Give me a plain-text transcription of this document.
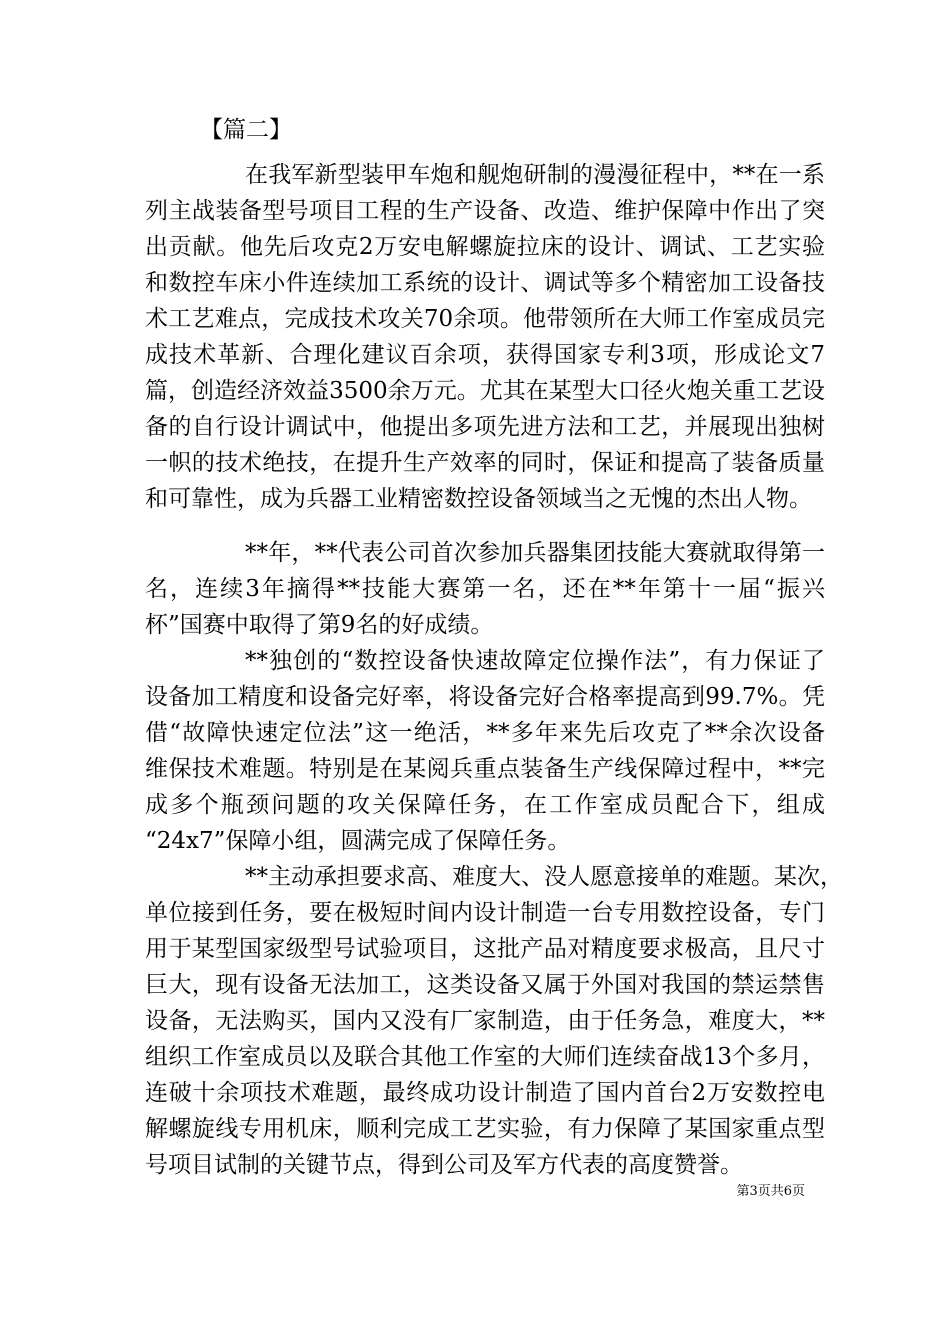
【篇二】
在我军新型装甲车炮和舰炮研制的漫漫征程中，**在一系
列主战装备型号项目工程的生产设备、改造、维护保障中作出了突
出贡献。他先后攻克2万安电解螺旋拉床的设计、调试、工艺实验
和数控车床小件连续加工系统的设计、调试等多个精密加工设备技
术工艺难点，完成技术攻关70余项。他带领所在大师工作室成员完
成技术革新、合理化建议百余项，获得国家专利3项，形成论文7
篇，创造经济效益3500余万元。尤其在某型大口径火炮关重工艺设
备的自行设计调试中，他提出多项先进方法和工艺，并展现出独树
一帜的技术绝技，在提升生产效率的同时，保证和提高了装备质量
和可靠性，成为兵器工业精密数控设备领域当之无愧的杰出人物。
**年，**代表公司首次参加兵器集团技能大赛就取得第一
名，连续3年摘得**技能大赛第一名，还在**年第十一届“振兴
杯”国赛中取得了第9名的好成绩。
**独创的“数控设备快速故障定位操作法”，有力保证了
设备加工精度和设备完好率，将设备完好合格率提高到99.7%。凭
借“故障快速定位法”这一绝活，**多年来先后攻克了**余次设备
维保技术难题。特别是在某阅兵重点装备生产线保障过程中，**完
成多个瓶颈问题的攻关保障任务，在工作室成员配合下，组成
“24x7”保障小组，圆满完成了保障任务。
**主动承担要求高、难度大、没人愿意接单的难题。某次，
单位接到任务，要在极短时间内设计制造一台专用数控设备，专门
用于某型国家级型号试验项目，这批产品对精度要求极高，且尺寸
巨大，现有设备无法加工，这类设备又属于外国对我国的禁运禁售
设备，无法购买，国内又没有厂家制造，由于任务急，难度大，**
组织工作室成员以及联合其他工作室的大师们连续奋战13个多月，
连破十余项技术难题，最终成功设计制造了国内首台2万安数控电
解螺旋线专用机床，顺利完成工艺实验，有力保障了某国家重点型
号项目试制的关键节点，得到公司及军方代表的高度赞誉。
第3页共6页
